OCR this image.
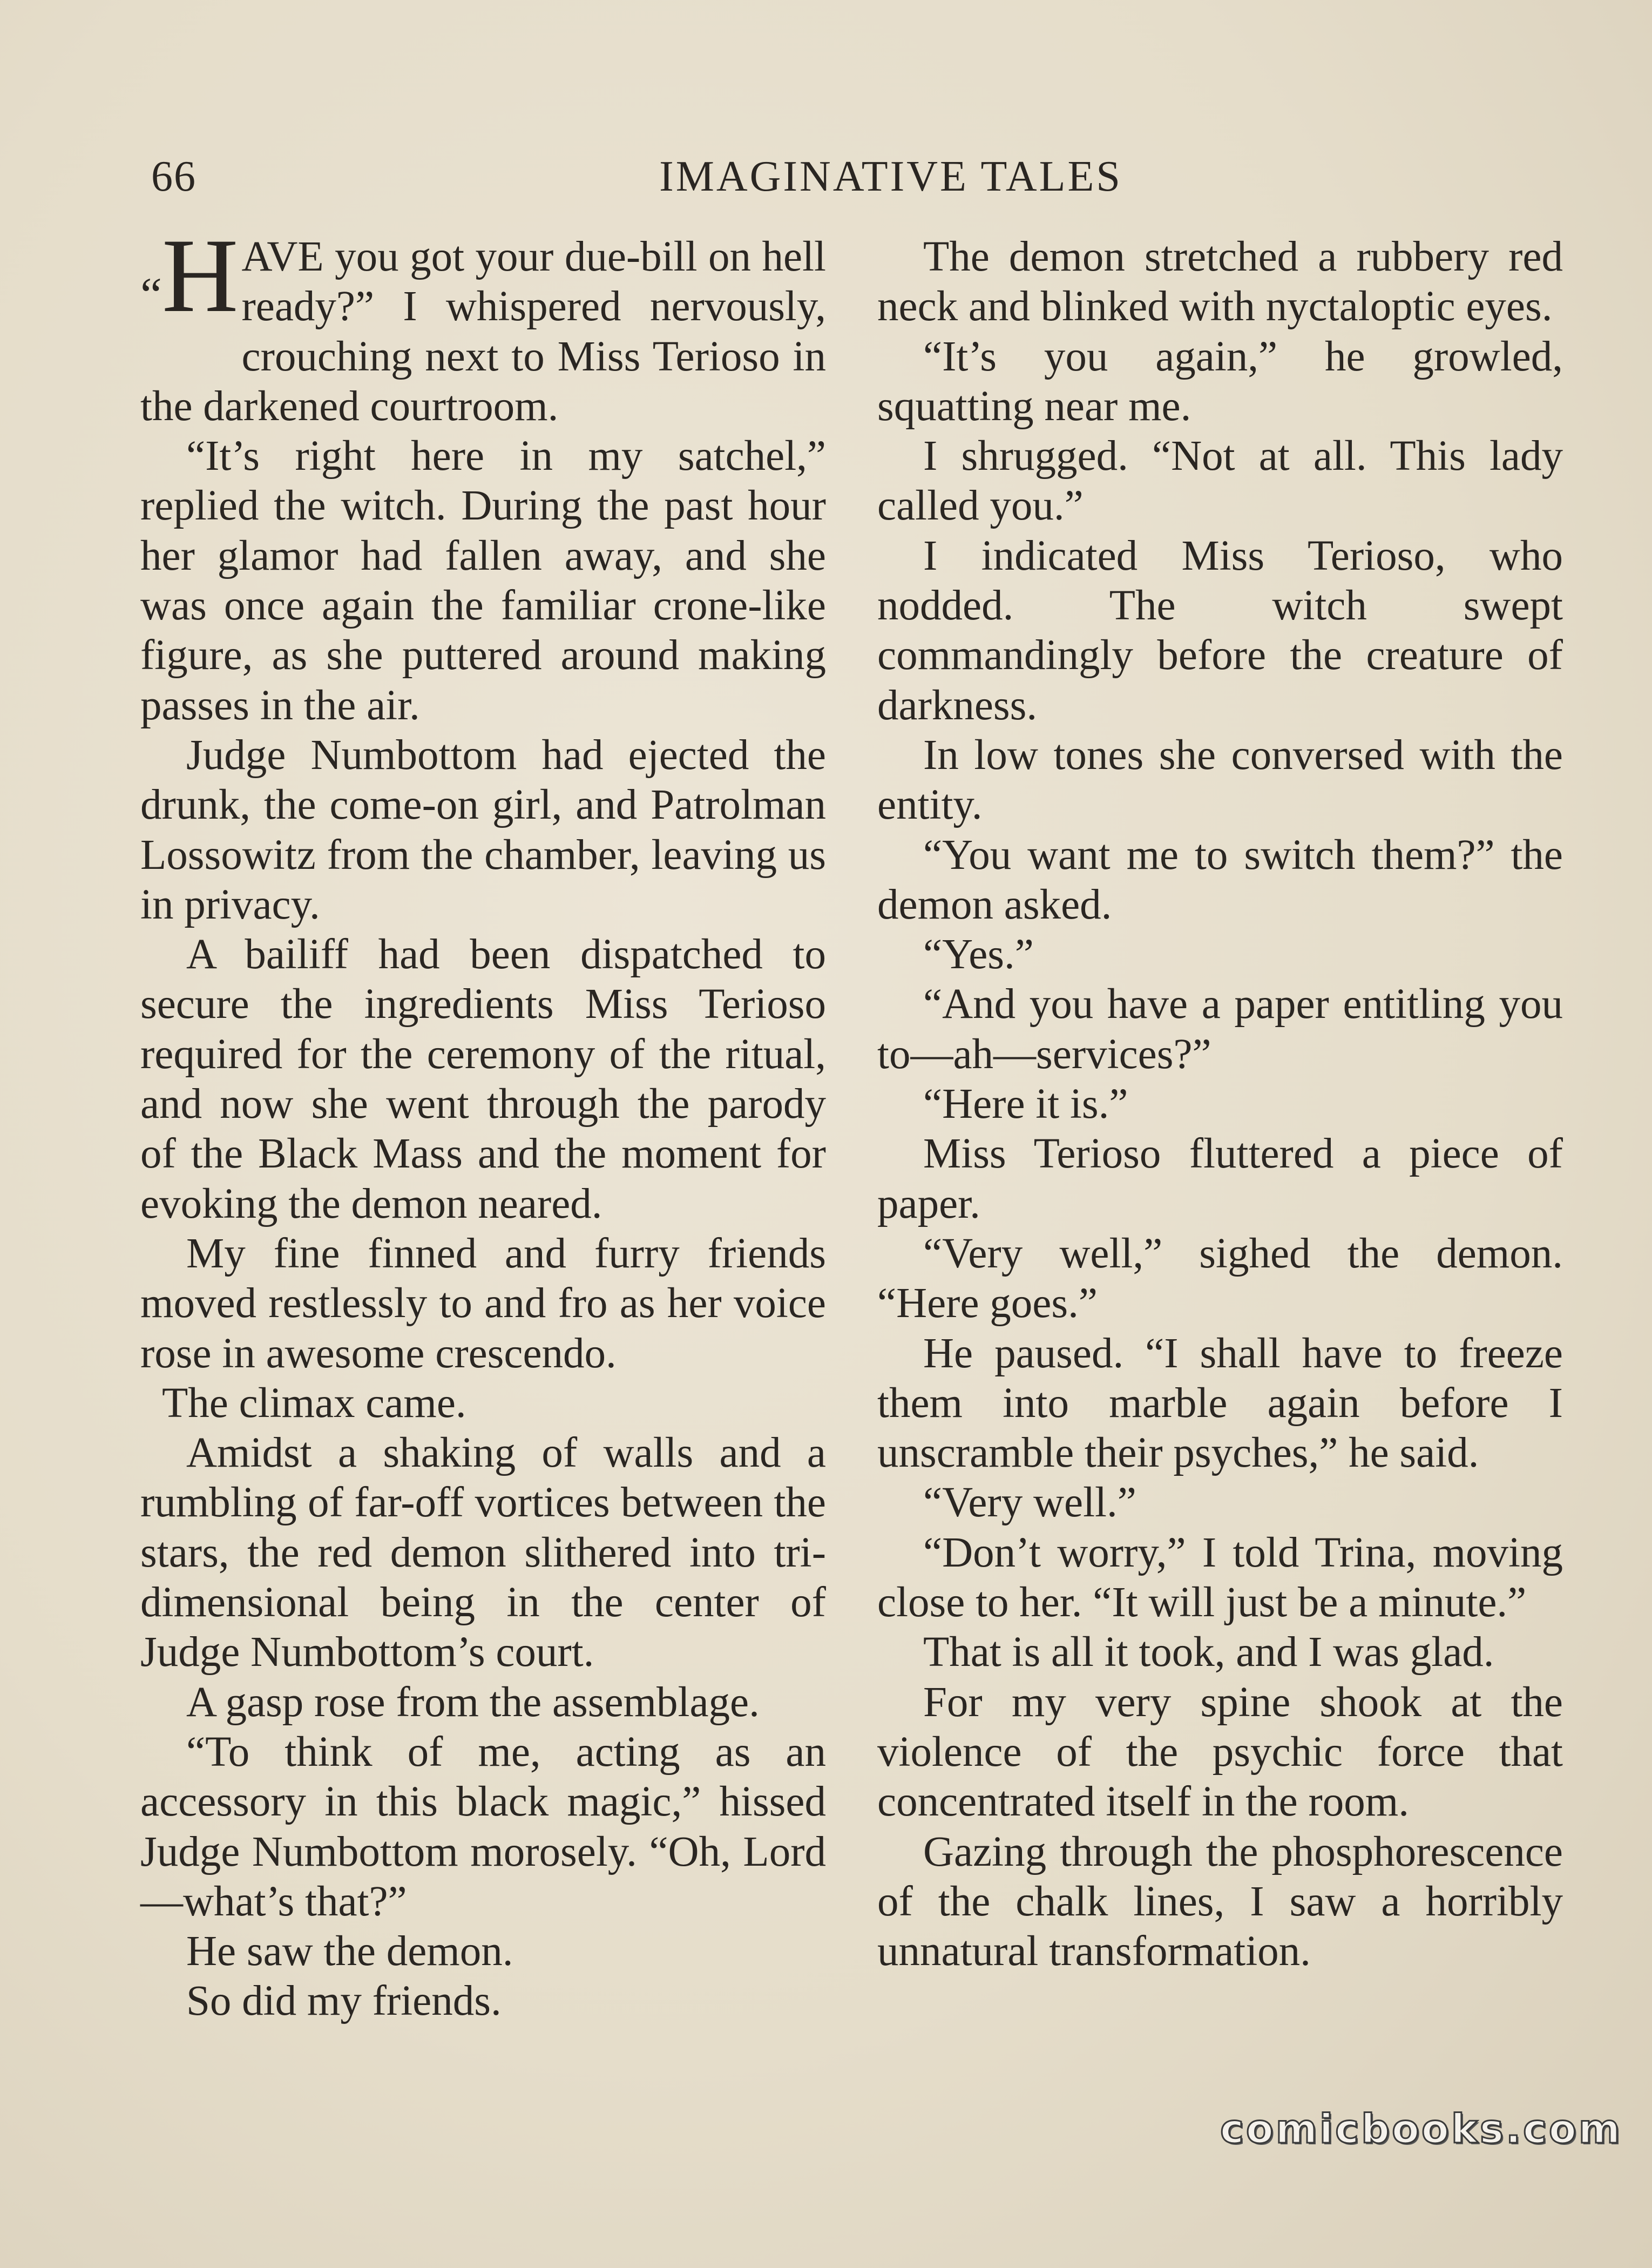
66	IMAGINATIVE TALES

“H AVE you got your due-bill on hell ready?” I whispered nervously, crouching next to Miss Terioso in the darkened courtroom.

“It’s right here in my satchel,” replied the witch. During the past hour her glamor had fallen away, and she was once again the familiar crone-like figure, as she puttered around making passes in the air.

Judge Numbottom had ejected the drunk, the come-on girl, and Patrolman Lossowitz from the chamber, leaving us in privacy.

A bailiff had been dispatched to secure the ingredients Miss Terioso required for the ceremony of the ritual, and now she went through the parody of the Black Mass and the moment for evoking the demon neared.

My fine finned and furry friends moved restlessly to and fro as her voice rose in awesome crescendo.

The climax came.

Amidst a shaking of walls and a rumbling of far-off vortices between the stars, the red demon slithered into tri-dimensional being in the center of Judge Numbottom’s court.

A gasp rose from the assemblage.

“To think of me, acting as an accessory in this black magic,” hissed Judge Numbottom morosely. “Oh, Lord—what’s that?”

He saw the demon.

So did my friends.

The demon stretched a rubbery red neck and blinked with nyctaloptic eyes.

“It’s you again,” he growled, squatting near me.

I shrugged. “Not at all. This lady called you.”

I indicated Miss Terioso, who nodded. The witch swept commandingly before the creature of darkness.

In low tones she conversed with the entity.

“You want me to switch them?” the demon asked.

“Yes.”

“And you have a paper entitling you to—ah—services?”

“Here it is.”

Miss Terioso fluttered a piece of paper.

“Very well,” sighed the demon. “Here goes.”

He paused. “I shall have to freeze them into marble again before I unscramble their psyches,” he said.

“Very well.”

“Don’t worry,” I told Trina, moving close to her. “It will just be a minute.”

That is all it took, and I was glad.

For my very spine shook at the violence of the psychic force that concentrated itself in the room.

Gazing through the phosphorescence of the chalk lines, I saw a horribly unnatural transformation.

comicbooks.com
